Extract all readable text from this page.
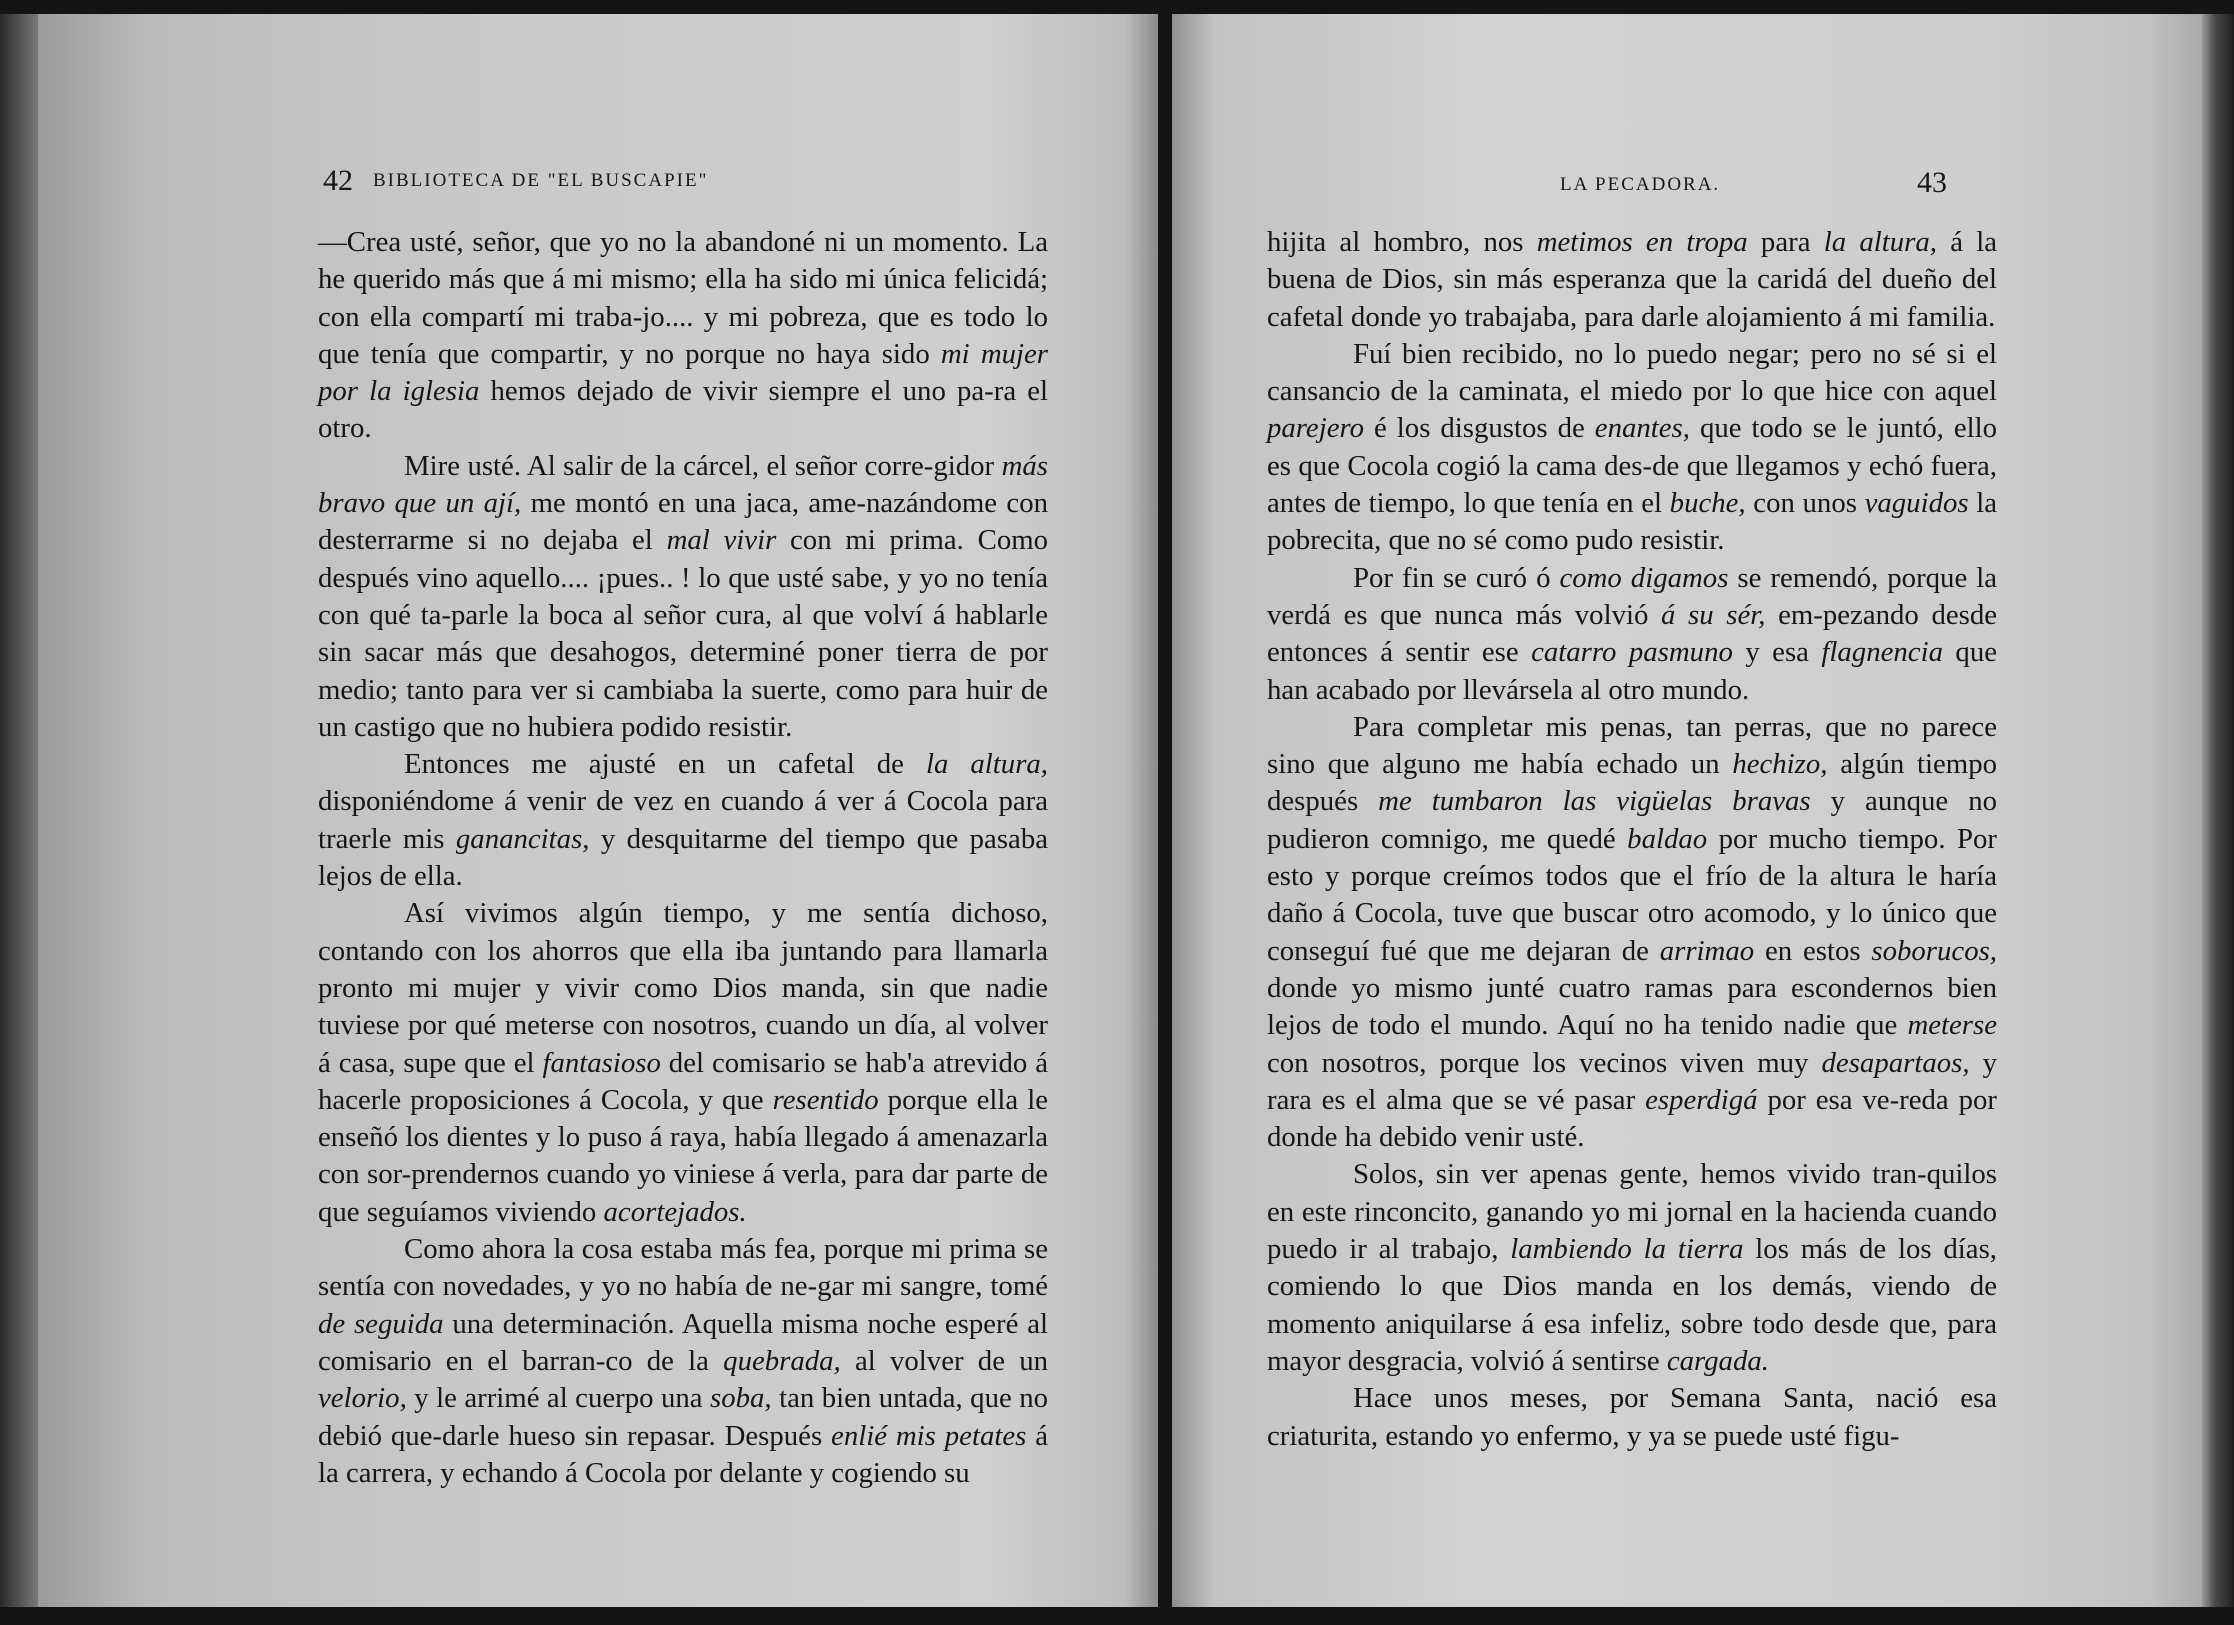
42 BIBLIOTECA DE "EL BUSCAPIE"

—Crea usté, señor, que yo no la abandoné ni un momento. La he querido más que á mi mismo; ella ha sido mi única felicidá; con ella compartí mi traba-jo.... y mi pobreza, que es todo lo que tenía que compartir, y no porque no haya sido mi mujer por la iglesia hemos dejado de vivir siempre el uno pa-ra el otro.

Mire usté. Al salir de la cárcel, el señor corre-gidor más bravo que un ají, me montó en una jaca, ame-nazándome con desterrarme si no dejaba el mal vivir con mi prima. Como después vino aquello.... ¡pues.. ! lo que usté sabe, y yo no tenía con qué ta-parle la boca al señor cura, al que volví á hablarle sin sacar más que desahogos, determiné poner tierra de por medio; tanto para ver si cambiaba la suerte, como para huir de un castigo que no hubiera podido resistir.

Entonces me ajusté en un cafetal de la altura, disponiéndome á venir de vez en cuando á ver á Cocola para traerle mis ganancitas, y desquitarme del tiempo que pasaba lejos de ella.

Así vivimos algún tiempo, y me sentía dichoso, contando con los ahorros que ella iba juntando para llamarla pronto mi mujer y vivir como Dios manda, sin que nadie tuviese por qué meterse con nosotros, cuando un día, al volver á casa, supe que el fantasioso del comisario se hab'a atrevido á hacerle proposiciones á Cocola, y que resentido porque ella le enseñó los dientes y lo puso á raya, había llegado á amenazarla con sor-prendernos cuando yo viniese á verla, para dar parte de que seguíamos viviendo acortejados.

Como ahora la cosa estaba más fea, porque mi prima se sentía con novedades, y yo no había de ne-gar mi sangre, tomé de seguida una determinación. Aquella misma noche esperé al comisario en el barran-co de la quebrada, al volver de un velorio, y le arrimé al cuerpo una soba, tan bien untada, que no debió que-darle hueso sin repasar. Después enlié mis petates á la carrera, y echando á Cocola por delante y cogiendo su

LA PECADORA.	43

hijita al hombro, nos metimos en tropa para la altura, á la buena de Dios, sin más esperanza que la caridá del dueño del cafetal donde yo trabajaba, para darle alojamiento á mi familia.

Fuí bien recibido, no lo puedo negar; pero no sé si el cansancio de la caminata, el miedo por lo que hice con aquel parejero é los disgustos de enantes, que todo se le juntó, ello es que Cocola cogió la cama des-de que llegamos y echó fuera, antes de tiempo, lo que tenía en el buche, con unos vaguidos la pobrecita, que no sé como pudo resistir.

Por fin se curó ó como digamos se remendó, porque la verdá es que nunca más volvió á su sér, em-pezando desde entonces á sentir ese catarro pasmuno y esa flagnencia que han acabado por llevársela al otro mundo.

Para completar mis penas, tan perras, que no parece sino que alguno me había echado un hechizo, algún tiempo después me tumbaron las vigüelas bravas y aunque no pudieron comnigo, me quedé baldao por mucho tiempo. Por esto y porque creímos todos que el frío de la altura le haría daño á Cocola, tuve que buscar otro acomodo, y lo único que conseguí fué que me dejaran de arrimao en estos soborucos, donde yo mismo junté cuatro ramas para escondernos bien lejos de todo el mundo. Aquí no ha tenido nadie que meterse con nosotros, porque los vecinos viven muy desapartaos, y rara es el alma que se vé pasar esperdigá por esa ve-reda por donde ha debido venir usté.

Solos, sin ver apenas gente, hemos vivido tran-quilos en este rinconcito, ganando yo mi jornal en la hacienda cuando puedo ir al trabajo, lambiendo la tierra los más de los días, comiendo lo que Dios manda en los demás, viendo de momento aniquilarse á esa infeliz, sobre todo desde que, para mayor desgracia, volvió á sentirse cargada.

Hace unos meses, por Semana Santa, nació esa criaturita, estando yo enfermo, y ya se puede usté figu-
